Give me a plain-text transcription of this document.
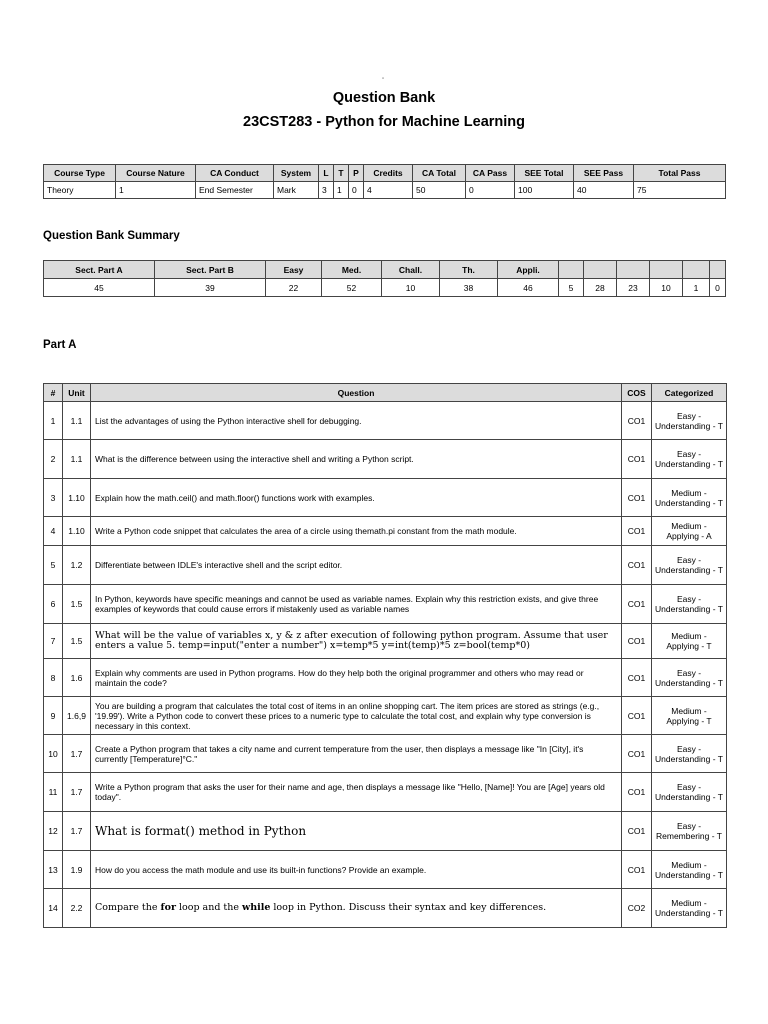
▫
Question Bank
23CST283 - Python for Machine Learning
Course Type	Course Nature	CA Conduct	System	L	T	P	Credits	CA Total	CA Pass	SEE Total	SEE Pass	Total Pass
Theory	1	End Semester	Mark	3	1	0	4	50	0	100	40	75
Question Bank Summary
Sect. Part A	Sect. Part B	Easy	Med.	Chall.	Th.	Appli.						
45	39	22	52	10	38	46	5	28	23	10	1	0
Part A
#	Unit	Question	COS	Categorized
1	1.1	List the advantages of using the Python interactive shell for debugging.	CO1	Easy - Understanding - T
2	1.1	What is the difference between using the interactive shell and writing a Python script.	CO1	Easy - Understanding - T
3	1.10	Explain how the math.ceil() and math.floor() functions work with examples.	CO1	Medium - Understanding - T
4	1.10	Write a Python code snippet that calculates the area of a circle using themath.pi constant from the math module.	CO1	Medium - Applying - A
5	1.2	Differentiate between IDLE's interactive shell and the script editor.	CO1	Easy - Understanding - T
6	1.5	In Python, keywords have specific meanings and cannot be used as variable names. Explain why this restriction exists, and give three examples of keywords that could cause errors if mistakenly used as variable names	CO1	Easy - Understanding - T
7	1.5	What will be the value of variables x, y & z after execution of following python program. Assume that user enters a value 5. temp=input("enter a number") x=temp*5 y=int(temp)*5 z=bool(temp*0)	CO1	Medium - Applying - T
8	1.6	Explain why comments are used in Python programs. How do they help both the original programmer and others who may read or maintain the code?	CO1	Easy - Understanding - T
9	1.6,9	You are building a program that calculates the total cost of items in an online shopping cart. The item prices are stored as strings (e.g., '19.99'). Write a Python code to convert these prices to a numeric type to calculate the total cost, and explain why type conversion is necessary in this context.	CO1	Medium - Applying - T
10	1.7	Create a Python program that takes a city name and current temperature from the user, then displays a message like "In [City], it's currently [Temperature]°C."	CO1	Easy - Understanding - T
11	1.7	Write a Python program that asks the user for their name and age, then displays a message like "Hello, [Name]! You are [Age] years old today".	CO1	Easy - Understanding - T
12	1.7	What is format() method in Python	CO1	Easy - Remembering - T
13	1.9	How do you access the math module and use its built-in functions? Provide an example.	CO1	Medium - Understanding - T
14	2.2	Compare the for loop and the while loop in Python. Discuss their syntax and key differences.	CO2	Medium - Understanding - T
